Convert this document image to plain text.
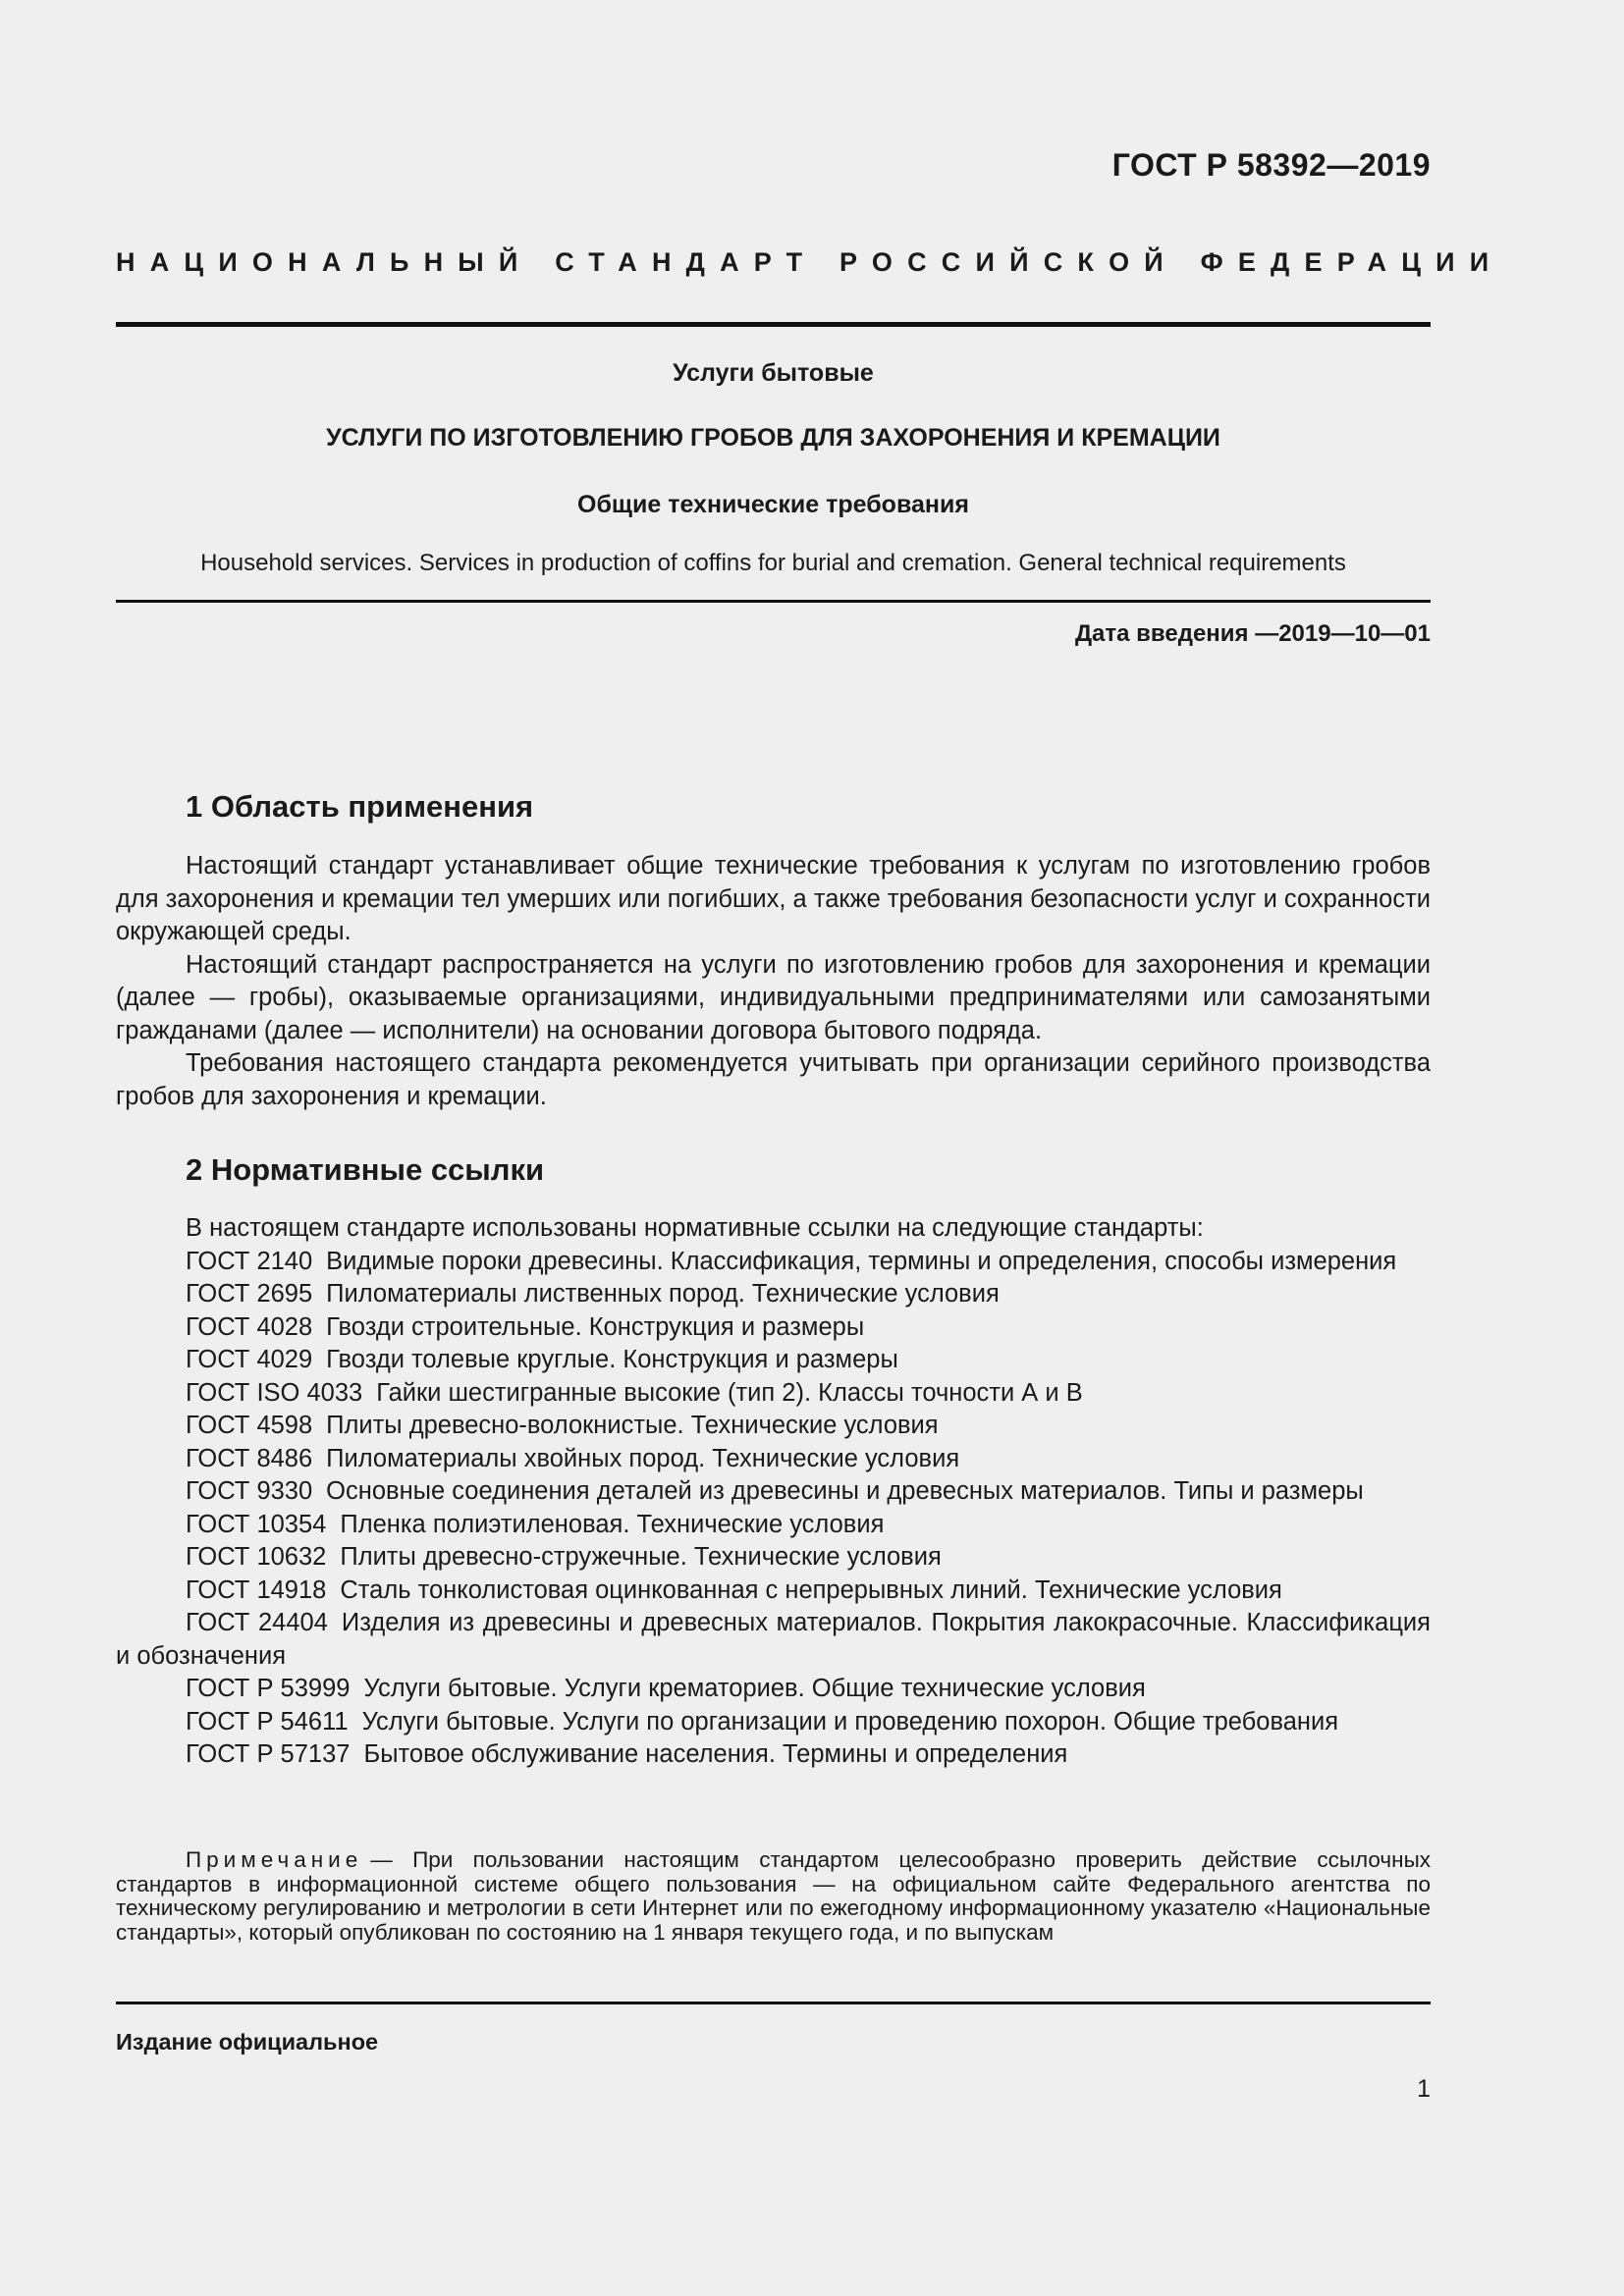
ГОСТ Р 58392—2019
НАЦИОНАЛЬНЫЙ СТАНДАРТ РОССИЙСКОЙ ФЕДЕРАЦИИ
Услуги бытовые
УСЛУГИ ПО ИЗГОТОВЛЕНИЮ ГРОБОВ ДЛЯ ЗАХОРОНЕНИЯ И КРЕМАЦИИ
Общие технические требования
Household services. Services in production of coffins for burial and cremation. General technical requirements
Дата введения —2019—10—01
1 Область применения

Настоящий стандарт устанавливает общие технические требования к услугам по изготовлению гробов для захоронения и кремации тел умерших или погибших, а также требования безопасности услуг и сохранности окружающей среды.

Настоящий стандарт распространяется на услуги по изготовлению гробов для захоронения и кремации (далее — гробы), оказываемые организациями, индивидуальными предпринимателями или самозанятыми гражданами (далее — исполнители) на основании договора бытового подряда.

Требования настоящего стандарта рекомендуется учитывать при организации серийного производства гробов для захоронения и кремации.

2 Нормативные ссылки

В настоящем стандарте использованы нормативные ссылки на следующие стандарты:

ГОСТ 2140 Видимые пороки древесины. Классификация, термины и определения, способы измерения
ГОСТ 2695 Пиломатериалы лиственных пород. Технические условия
ГОСТ 4028 Гвозди строительные. Конструкция и размеры
ГОСТ 4029 Гвозди толевые круглые. Конструкция и размеры
ГОСТ ISO 4033 Гайки шестигранные высокие (тип 2). Классы точности А и В
ГОСТ 4598 Плиты древесно-волокнистые. Технические условия
ГОСТ 8486 Пиломатериалы хвойных пород. Технические условия
ГОСТ 9330 Основные соединения деталей из древесины и древесных материалов. Типы и размеры
ГОСТ 10354 Пленка полиэтиленовая. Технические условия
ГОСТ 10632 Плиты древесно-стружечные. Технические условия
ГОСТ 14918 Сталь тонколистовая оцинкованная с непрерывных линий. Технические условия
ГОСТ 24404 Изделия из древесины и древесных материалов. Покрытия лакокрасочные. Классификация и обозначения
ГОСТ Р 53999 Услуги бытовые. Услуги крематориев. Общие технические условия
ГОСТ Р 54611 Услуги бытовые. Услуги по организации и проведению похорон. Общие требования
ГОСТ Р 57137 Бытовое обслуживание населения. Термины и определения
Примечание — При пользовании настоящим стандартом целесообразно проверить действие ссылочных стандартов в информационной системе общего пользования — на официальном сайте Федерального агентства по техническому регулированию и метрологии в сети Интернет или по ежегодному информационному указателю «Национальные стандарты», который опубликован по состоянию на 1 января текущего года, и по выпускам
Издание официальное
1
